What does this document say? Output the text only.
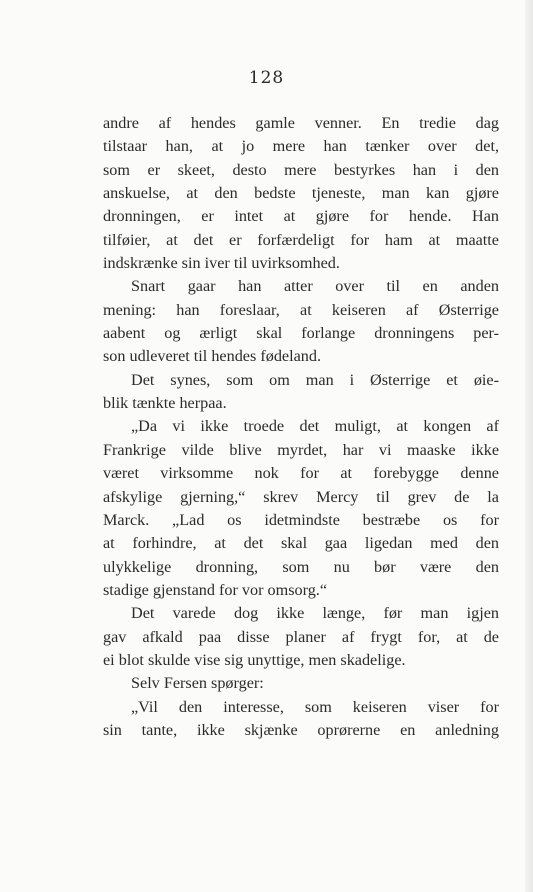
128
andre af hendes gamle venner. En tredie dag
tilstaar han, at jo mere han tænker over det,
som er skeet, desto mere bestyrkes han i den
anskuelse, at den bedste tjeneste, man kan gjøre
dronningen, er intet at gjøre for hende. Han
tilføier, at det er forfærdeligt for ham at maatte
indskrænke sin iver til uvirksomhed.
Snart gaar han atter over til en anden
mening: han foreslaar, at keiseren af Østerrige
aabent og ærligt skal forlange dronningens per-
son udleveret til hendes fødeland.
Det synes, som om man i Østerrige et øie-
blik tænkte herpaa.
„Da vi ikke troede det muligt, at kongen af
Frankrige vilde blive myrdet, har vi maaske ikke
været virksomme nok for at forebygge denne
afskylige gjerning,“ skrev Mercy til grev de la
Marck. „Lad os idetmindste bestræbe os for
at forhindre, at det skal gaa ligedan med den
ulykkelige dronning, som nu bør være den
stadige gjenstand for vor omsorg.“
Det varede dog ikke længe, før man igjen
gav afkald paa disse planer af frygt for, at de
ei blot skulde vise sig unyttige, men skadelige.
Selv Fersen spørger:
„Vil den interesse, som keiseren viser for
sin tante, ikke skjænke oprørerne en anledning
